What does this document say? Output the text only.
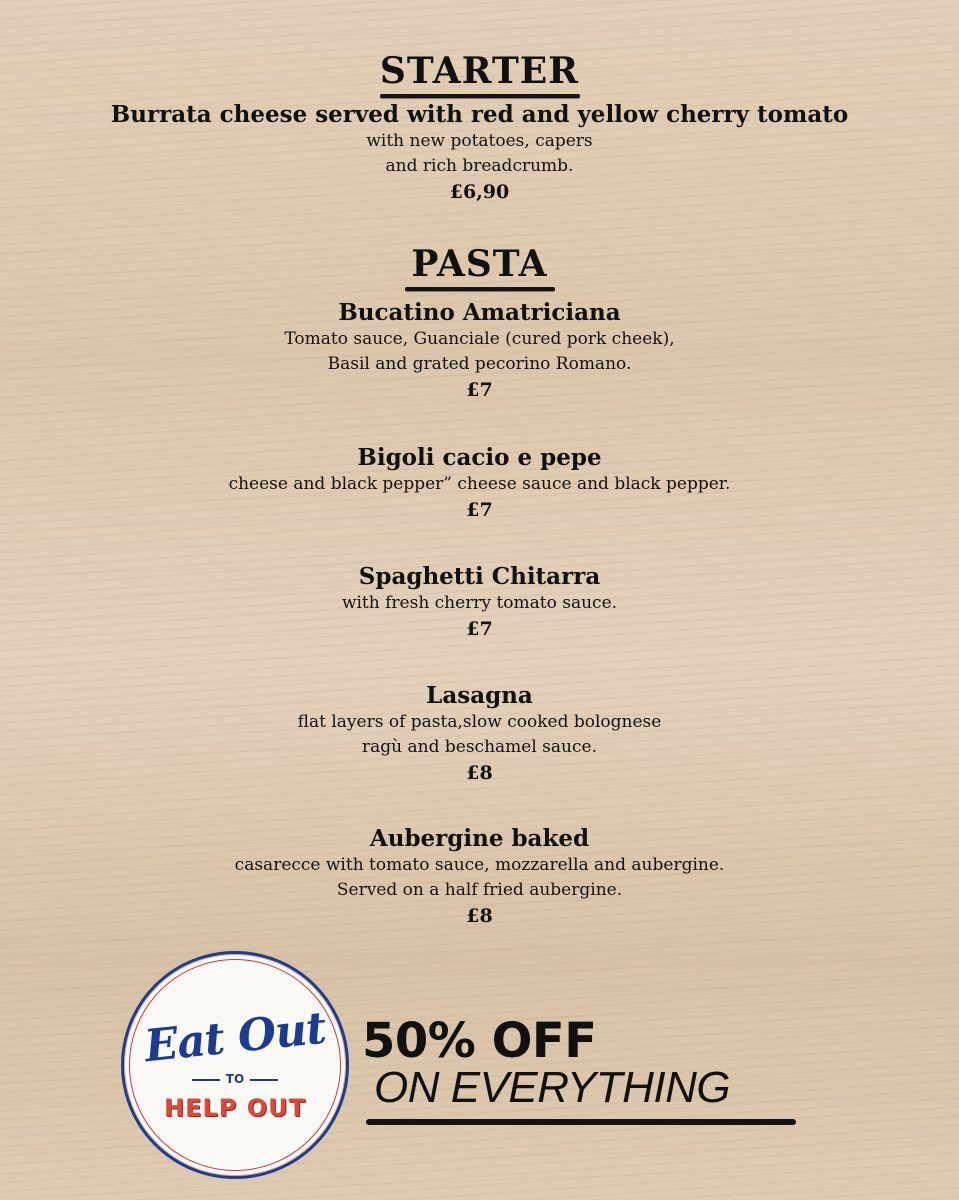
STARTER
Burrata cheese served with red and yellow cherry tomato
with new potatoes, capers
and rich breadcrumb.
£6,90
PASTA
Bucatino Amatriciana
Tomato sauce, Guanciale (cured pork cheek),
Basil and grated pecorino Romano.
£7
Bigoli cacio e pepe
cheese and black pepper” cheese sauce and black pepper.
£7
Spaghetti Chitarra
with fresh cherry tomato sauce.
£7
Lasagna
flat layers of pasta,slow cooked bolognese
ragù and beschamel sauce.
£8
Aubergine baked
casarecce with tomato sauce, mozzarella and aubergine.
Served on a half fried aubergine.
£8
Eat Out
TO
HELP OUT
50% OFF
ON EVERYTHING
